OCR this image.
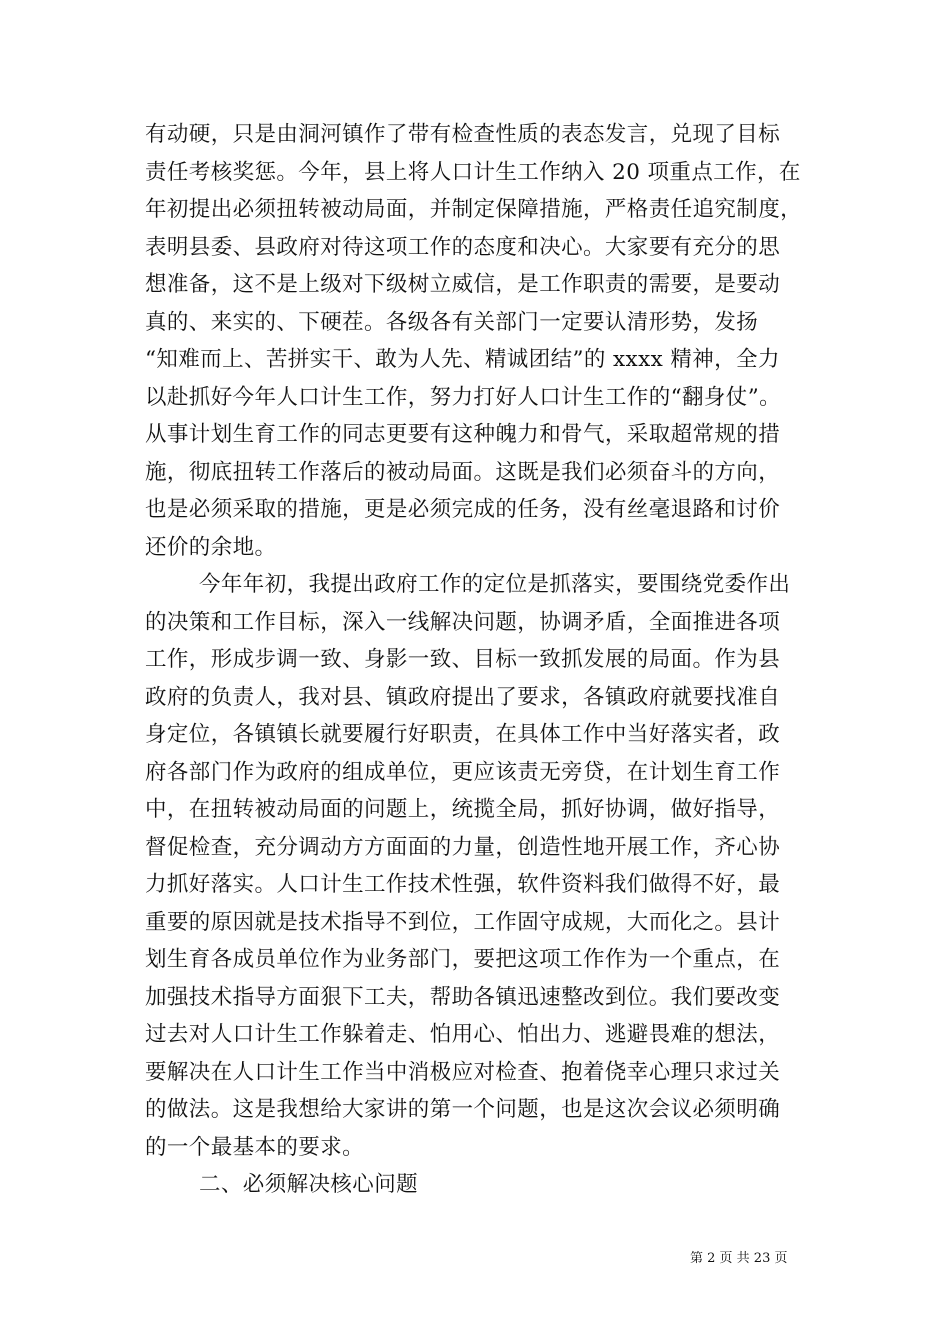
有动硬，只是由洞河镇作了带有检查性质的表态发言，兑现了目标
责任考核奖惩。今年，县上将人口计生工作纳入 20 项重点工作，在
年初提出必须扭转被动局面，并制定保障措施，严格责任追究制度，
表明县委、县政府对待这项工作的态度和决心。大家要有充分的思
想准备，这不是上级对下级树立威信，是工作职责的需要，是要动
真的、来实的、下硬茬。各级各有关部门一定要认清形势，发扬
“知难而上、苦拼实干、敢为人先、精诚团结”的 xxxx 精神，全力
以赴抓好今年人口计生工作，努力打好人口计生工作的“翻身仗”。
从事计划生育工作的同志更要有这种魄力和骨气，采取超常规的措
施，彻底扭转工作落后的被动局面。这既是我们必须奋斗的方向，
也是必须采取的措施，更是必须完成的任务，没有丝毫退路和讨价
还价的余地。
今年年初，我提出政府工作的定位是抓落实，要围绕党委作出
的决策和工作目标，深入一线解决问题，协调矛盾，全面推进各项
工作，形成步调一致、身影一致、目标一致抓发展的局面。作为县
政府的负责人，我对县、镇政府提出了要求，各镇政府就要找准自
身定位，各镇镇长就要履行好职责，在具体工作中当好落实者，政
府各部门作为政府的组成单位，更应该责无旁贷，在计划生育工作
中，在扭转被动局面的问题上，统揽全局，抓好协调，做好指导，
督促检查，充分调动方方面面的力量，创造性地开展工作，齐心协
力抓好落实。人口计生工作技术性强，软件资料我们做得不好，最
重要的原因就是技术指导不到位，工作固守成规，大而化之。县计
划生育各成员单位作为业务部门，要把这项工作作为一个重点，在
加强技术指导方面狠下工夫，帮助各镇迅速整改到位。我们要改变
过去对人口计生工作躲着走、怕用心、怕出力、逃避畏难的想法，
要解决在人口计生工作当中消极应对检查、抱着侥幸心理只求过关
的做法。这是我想给大家讲的第一个问题，也是这次会议必须明确
的一个最基本的要求。
二、必须解决核心问题
第 2 页 共 23 页
